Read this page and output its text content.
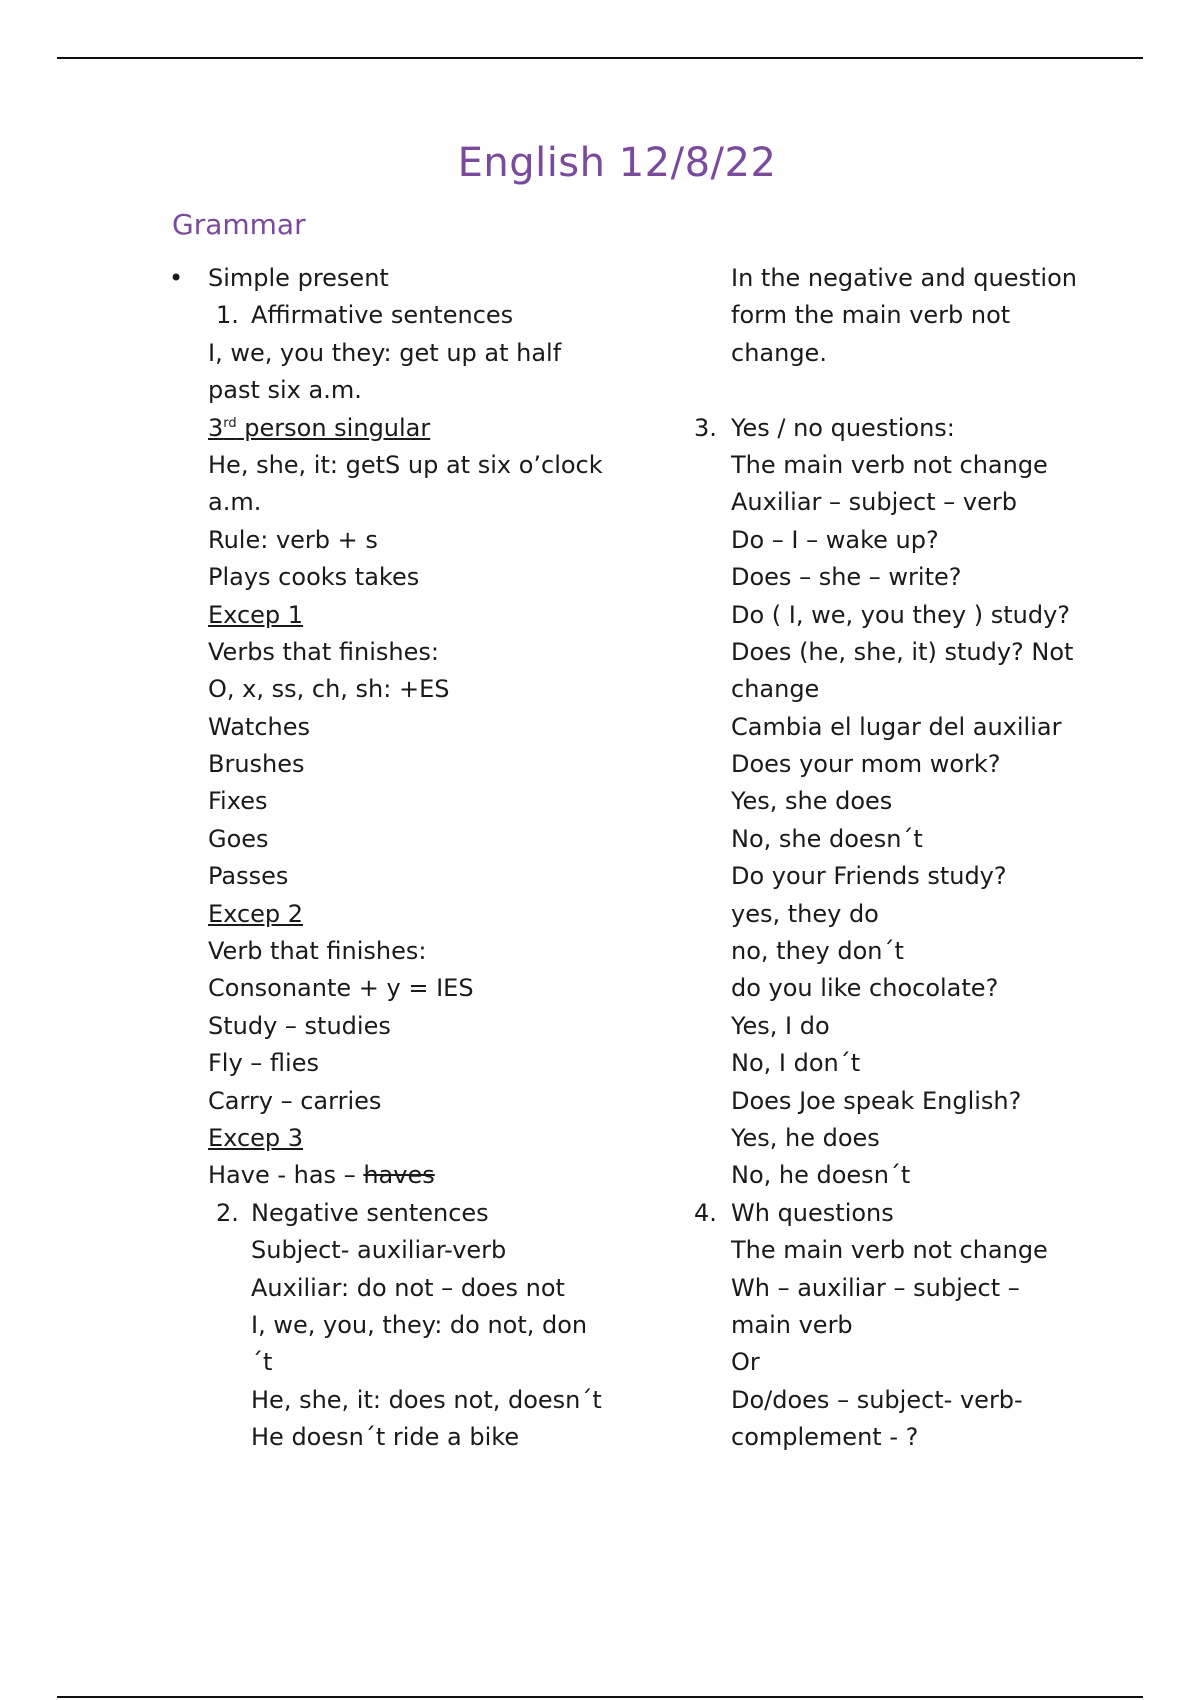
English 12/8/22
Grammar
• Simple present
1. Affirmative sentences
I, we, you they: get up at half
past six a.m.
3rd person singular
He, she, it: getS up at six o’clock
a.m.
Rule: verb + s
Plays cooks takes
Excep 1
Verbs that finishes:
O, x, ss, ch, sh: +ES
Watches
Brushes
Fixes
Goes
Passes
Excep 2
Verb that finishes:
Consonante + y = IES
Study – studies
Fly – flies
Carry – carries
Excep 3
Have - has – haves
2. Negative sentences
Subject- auxiliar-verb
Auxiliar: do not – does not
I, we, you, they: do not, don
´t
He, she, it: does not, doesn´t
He doesn´t ride a bike
In the negative and question
form the main verb not
change.
3. Yes / no questions:
The main verb not change
Auxiliar – subject – verb
Do – I – wake up?
Does – she – write?
Do ( I, we, you they ) study?
Does (he, she, it) study? Not
change
Cambia el lugar del auxiliar
Does your mom work?
Yes, she does
No, she doesn´t
Do your Friends study?
yes, they do
no, they don´t
do you like chocolate?
Yes, I do
No, I don´t
Does Joe speak English?
Yes, he does
No, he doesn´t
4. Wh questions
The main verb not change
Wh – auxiliar – subject –
main verb
Or
Do/does – subject- verb-
complement - ?
